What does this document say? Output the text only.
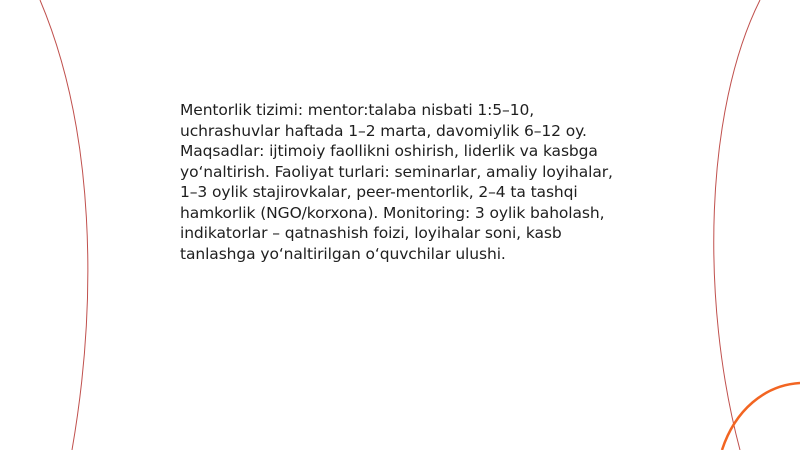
Mentorlik tizimi: mentor:talaba nisbati 1:5–10, uchrashuvlar haftada 1–2 marta, davomiylik 6–12 oy. Maqsadlar: ijtimoiy faollikni oshirish, liderlik va kasbga yo‘naltirish. Faoliyat turlari: seminarlar, amaliy loyihalar, 1–3 oylik stajirovkalar, peer-mentorlik, 2–4 ta tashqi hamkorlik (NGO/korxona). Monitoring: 3 oylik baholash, indikatorlar – qatnashish foizi, loyihalar soni, kasb tanlashga yo‘naltirilgan o‘quvchilar ulushi.
